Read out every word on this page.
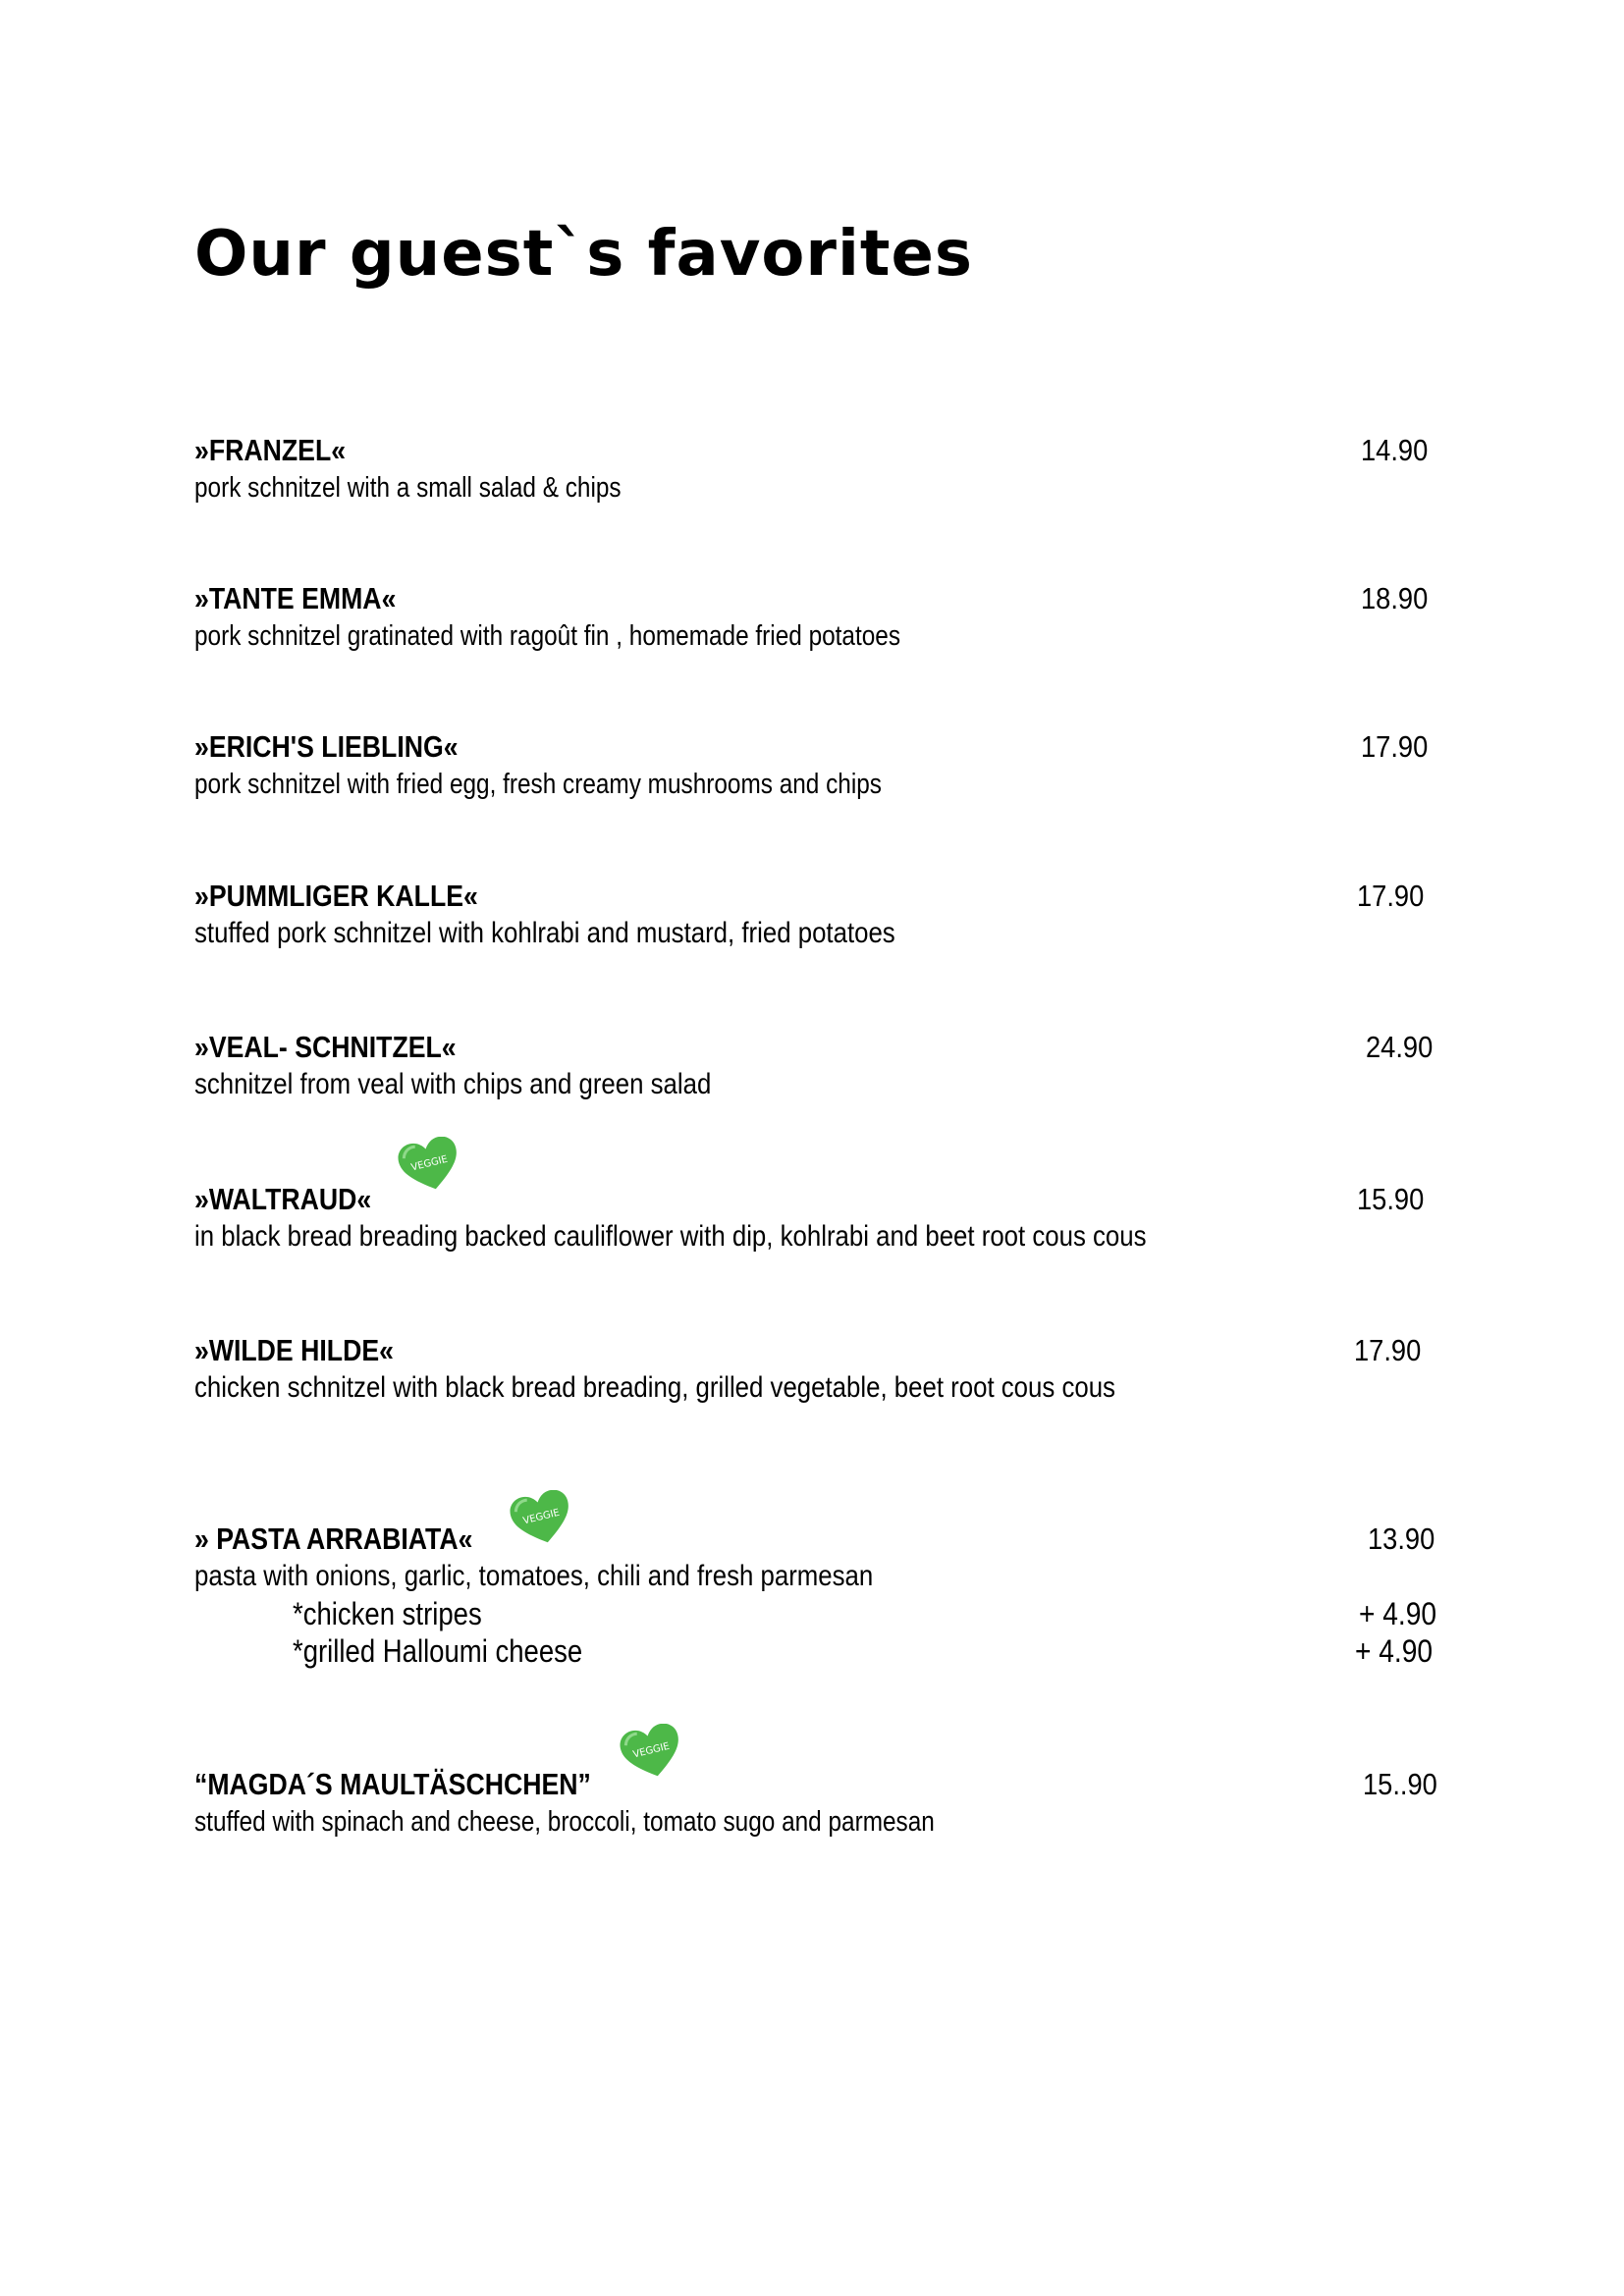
Our guest`s favorites
»FRANZEL«	14.90
pork schnitzel with a small salad & chips
»TANTE EMMA«	18.90
pork schnitzel gratinated with ragoût fin , homemade fried potatoes
»ERICH'S LIEBLING«	17.90
pork schnitzel with fried egg, fresh creamy mushrooms and chips
»PUMMLIGER KALLE«	17.90
stuffed pork schnitzel with kohlrabi and mustard, fried potatoes
»VEAL- SCHNITZEL«	24.90
schnitzel from veal with chips and green salad
»WALTRAUD«	15.90
in black bread breading backed cauliflower with dip, kohlrabi and beet root cous cous
VEGGIE
»WILDE HILDE«	17.90
chicken schnitzel with black bread breading, grilled vegetable, beet root cous cous
» PASTA ARRABIATA«	13.90
pasta with onions, garlic, tomatoes, chili and fresh parmesan
*chicken stripes	+ 4.90
*grilled Halloumi cheese	+ 4.90
VEGGIE
“MAGDA´S MAULTÄSCHCHEN”	15..90
stuffed with spinach and cheese, broccoli, tomato sugo and parmesan
VEGGIE
